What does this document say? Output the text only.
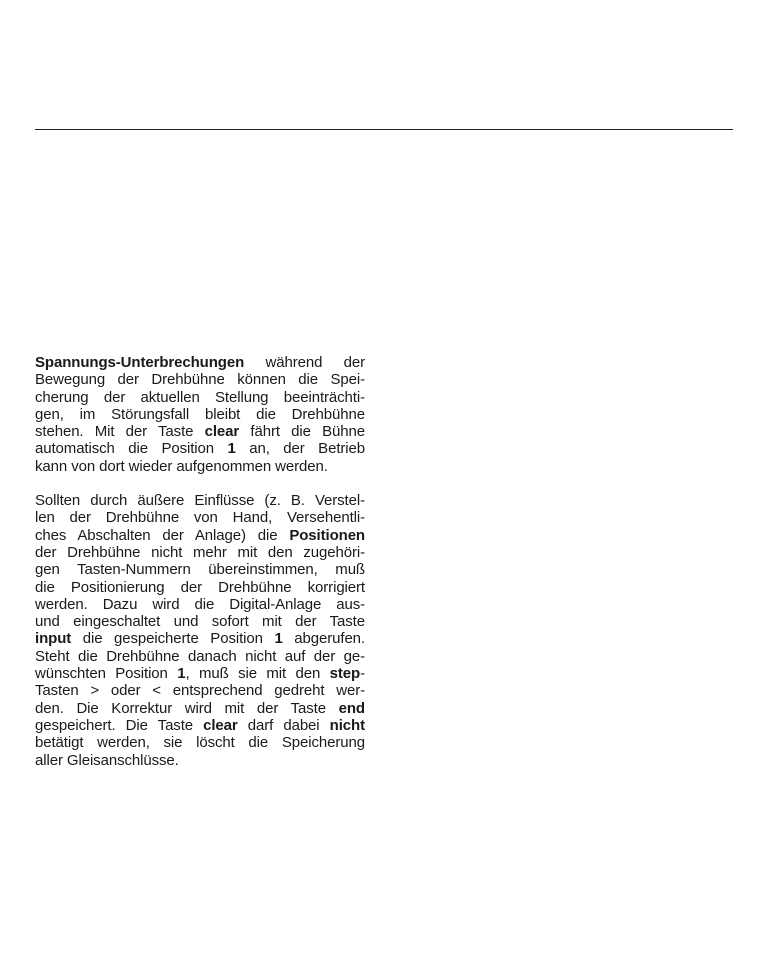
Spannungs-Unterbrechungen während der
Bewegung der Drehbühne können die Spei-
cherung der aktuellen Stellung beeinträchti-
gen, im Störungsfall bleibt die Drehbühne
stehen. Mit der Taste clear fährt die Bühne
automatisch die Position 1 an, der Betrieb
kann von dort wieder aufgenommen werden.
Sollten durch äußere Einflüsse (z. B. Verstel-
len der Drehbühne von Hand, Versehentli-
ches Abschalten der Anlage) die Positionen
der Drehbühne nicht mehr mit den zugehöri-
gen Tasten-Nummern übereinstimmen, muß
die Positionierung der Drehbühne korrigiert
werden. Dazu wird die Digital-Anlage aus-
und eingeschaltet und sofort mit der Taste
input die gespeicherte Position 1 abgerufen.
Steht die Drehbühne danach nicht auf der ge-
wünschten Position 1, muß sie mit den step-
Tasten > oder < entsprechend gedreht wer-
den. Die Korrektur wird mit der Taste end
gespeichert. Die Taste clear darf dabei nicht
betätigt werden, sie löscht die Speicherung
aller Gleisanschlüsse.
